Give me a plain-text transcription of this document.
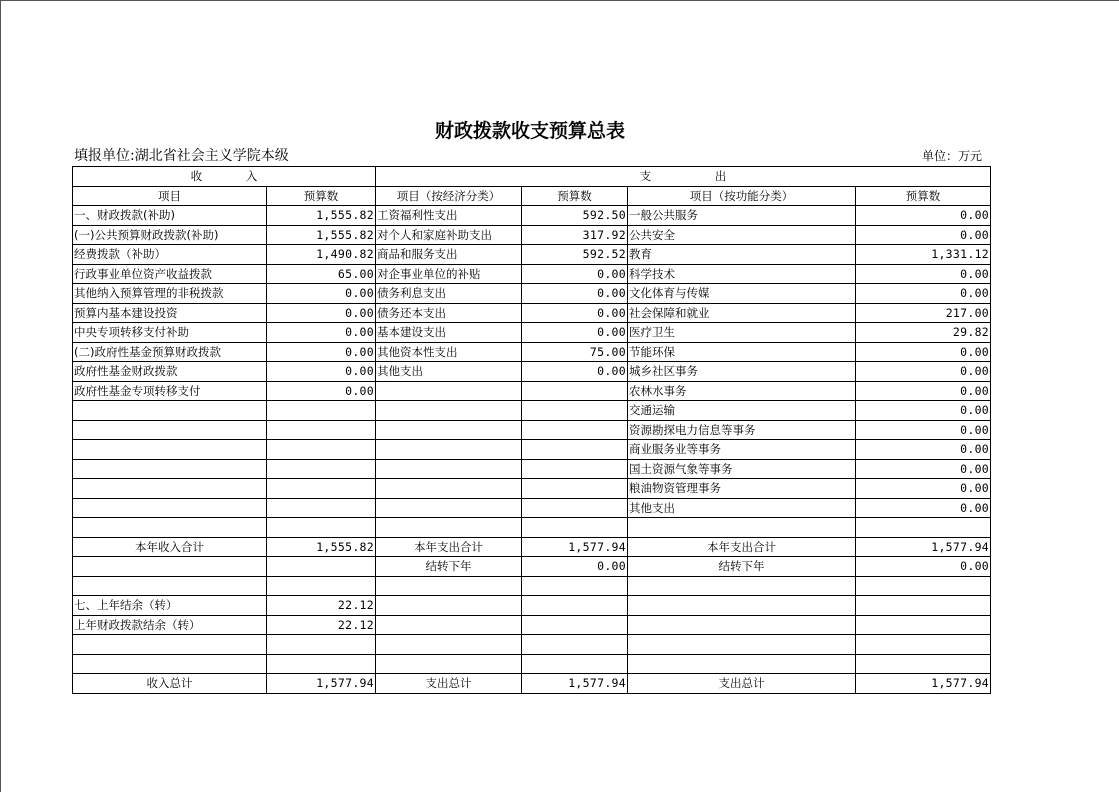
财政拨款收支预算总表
填报单位:湖北省社会主义学院本级	单位：万元
收 入		支 出			
项目	预算数	项目（按经济分类）	预算数	项目（按功能分类）	预算数
一、财政拨款(补助)	1,555.82	工资福利性支出	592.50	一般公共服务	0.00
(一)公共预算财政拨款(补助)	1,555.82	对个人和家庭补助支出	317.92	公共安全	0.00
经费拨款（补助）	1,490.82	商品和服务支出	592.52	教育	1,331.12
行政事业单位资产收益拨款	65.00	对企事业单位的补贴	0.00	科学技术	0.00
其他纳入预算管理的非税拨款	0.00	债务利息支出	0.00	文化体育与传媒	0.00
预算内基本建设投资	0.00	债务还本支出	0.00	社会保障和就业	217.00
中央专项转移支付补助	0.00	基本建设支出	0.00	医疗卫生	29.82
(二)政府性基金预算财政拨款	0.00	其他资本性支出	75.00	节能环保	0.00
政府性基金财政拨款	0.00	其他支出	0.00	城乡社区事务	0.00
政府性基金专项转移支付	0.00			农林水事务	0.00
				交通运输	0.00
				资源勘探电力信息等事务	0.00
				商业服务业等事务	0.00
				国土资源气象等事务	0.00
				粮油物资管理事务	0.00
				其他支出	0.00

本年收入合计	1,555.82	本年支出合计	1,577.94	本年支出合计	1,577.94
		结转下年	0.00	结转下年	0.00

七、上年结余（转）	22.12				
上年财政拨款结余（转）	22.12				

收入总计	1,577.94	支出总计	1,577.94	支出总计	1,577.94
